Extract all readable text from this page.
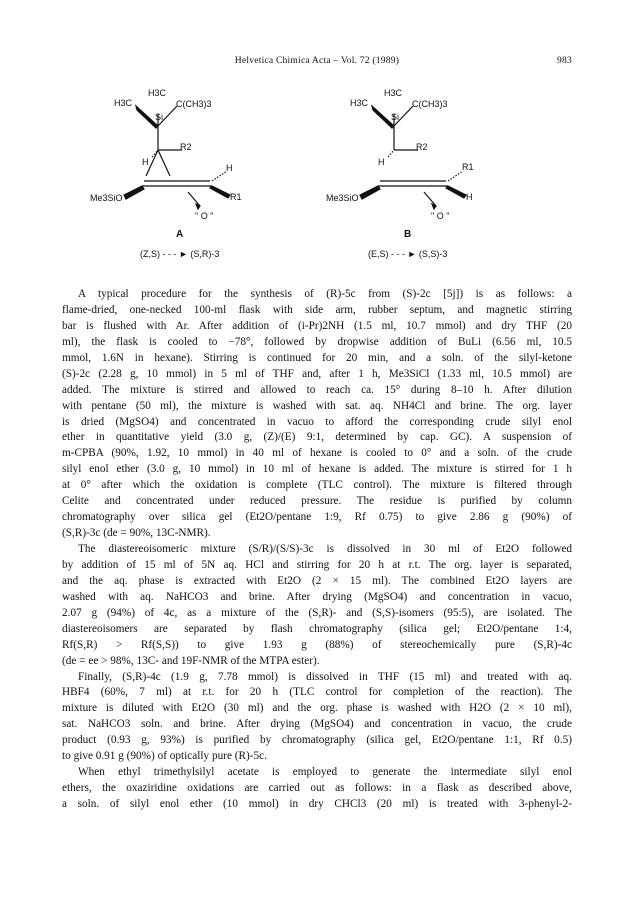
Helvetica Chimica Acta – Vol. 72 (1989)	983
H3C
H3C
Si
C(CH3)3
R2
H
H
Me3SiO	R1
" O "
A
(Z,S) - - - ► (S,R)-3
H3C
H3C
Si
C(CH3)3
R2
H	R1
Me3SiO	H
" O "
B
(E,S) - - - ► (S,S)-3
A typical procedure for the synthesis of (R)-5c from (S)-2c [5j]) is as follows: a
flame-dried, one-necked 100-ml flask with side arm, rubber septum, and magnetic stirring
bar is flushed with Ar. After addition of (i-Pr)2NH (1.5 ml, 10.7 mmol) and dry THF (20
ml), the flask is cooled to −78°, followed by dropwise addition of BuLi (6.56 ml, 10.5
mmol, 1.6N in hexane). Stirring is continued for 20 min, and a soln. of the silyl-ketone
(S)-2c (2.28 g, 10 mmol) in 5 ml of THF and, after 1 h, Me3SiCl (1.33 ml, 10.5 mmol) are
added. The mixture is stirred and allowed to reach ca. 15° during 8–10 h. After dilution
with pentane (50 ml), the mixture is washed with sat. aq. NH4Cl and brine. The org. layer
is dried (MgSO4) and concentrated in vacuo to afford the corresponding crude silyl enol
ether in quantitative yield (3.0 g, (Z)/(E) 9:1, determined by cap. GC). A suspension of
m-CPBA (90%, 1.92, 10 mmol) in 40 ml of hexane is cooled to 0° and a soln. of the crude
silyl enol ether (3.0 g, 10 mmol) in 10 ml of hexane is added. The mixture is stirred for 1 h
at 0° after which the oxidation is complete (TLC control). The mixture is filtered through
Celite and concentrated under reduced pressure. The residue is purified by column
chromatography over silica gel (Et2O/pentane 1:9, Rf 0.75) to give 2.86 g (90%) of
(S,R)-3c (de = 90%, 13C-NMR).
The diastereoisomeric mixture (S/R)/(S/S)-3c is dissolved in 30 ml of Et2O followed
by addition of 15 ml of 5N aq. HCl and stirring for 20 h at r.t. The org. layer is separated,
and the aq. phase is extracted with Et2O (2 × 15 ml). The combined Et2O layers are
washed with aq. NaHCO3 and brine. After drying (MgSO4) and concentration in vacuo,
2.07 g (94%) of 4c, as a mixture of the (S,R)- and (S,S)-isomers (95:5), are isolated. The
diastereoisomers are separated by flash chromatography (silica gel; Et2O/pentane 1:4,
Rf(S,R) > Rf(S,S)) to give 1.93 g (88%) of stereochemically pure (S,R)-4c
(de = ee > 98%, 13C- and 19F-NMR of the MTPA ester).
Finally, (S,R)-4c (1.9 g, 7.78 mmol) is dissolved in THF (15 ml) and treated with aq.
HBF4 (60%, 7 ml) at r.t. for 20 h (TLC control for completion of the reaction). The
mixture is diluted with Et2O (30 ml) and the org. phase is washed with H2O (2 × 10 ml),
sat. NaHCO3 soln. and brine. After drying (MgSO4) and concentration in vacuo, the crude
product (0.93 g, 93%) is purified by chromatography (silica gel, Et2O/pentane 1:1, Rf 0.5)
to give 0.91 g (90%) of optically pure (R)-5c.
When ethyl trimethylsilyl acetate is employed to generate the intermediate silyl enol
ethers, the oxaziridine oxidations are carried out as follows: in a flask as described above,
a soln. of silyl enol ether (10 mmol) in dry CHCl3 (20 ml) is treated with 3-phenyl-2-
